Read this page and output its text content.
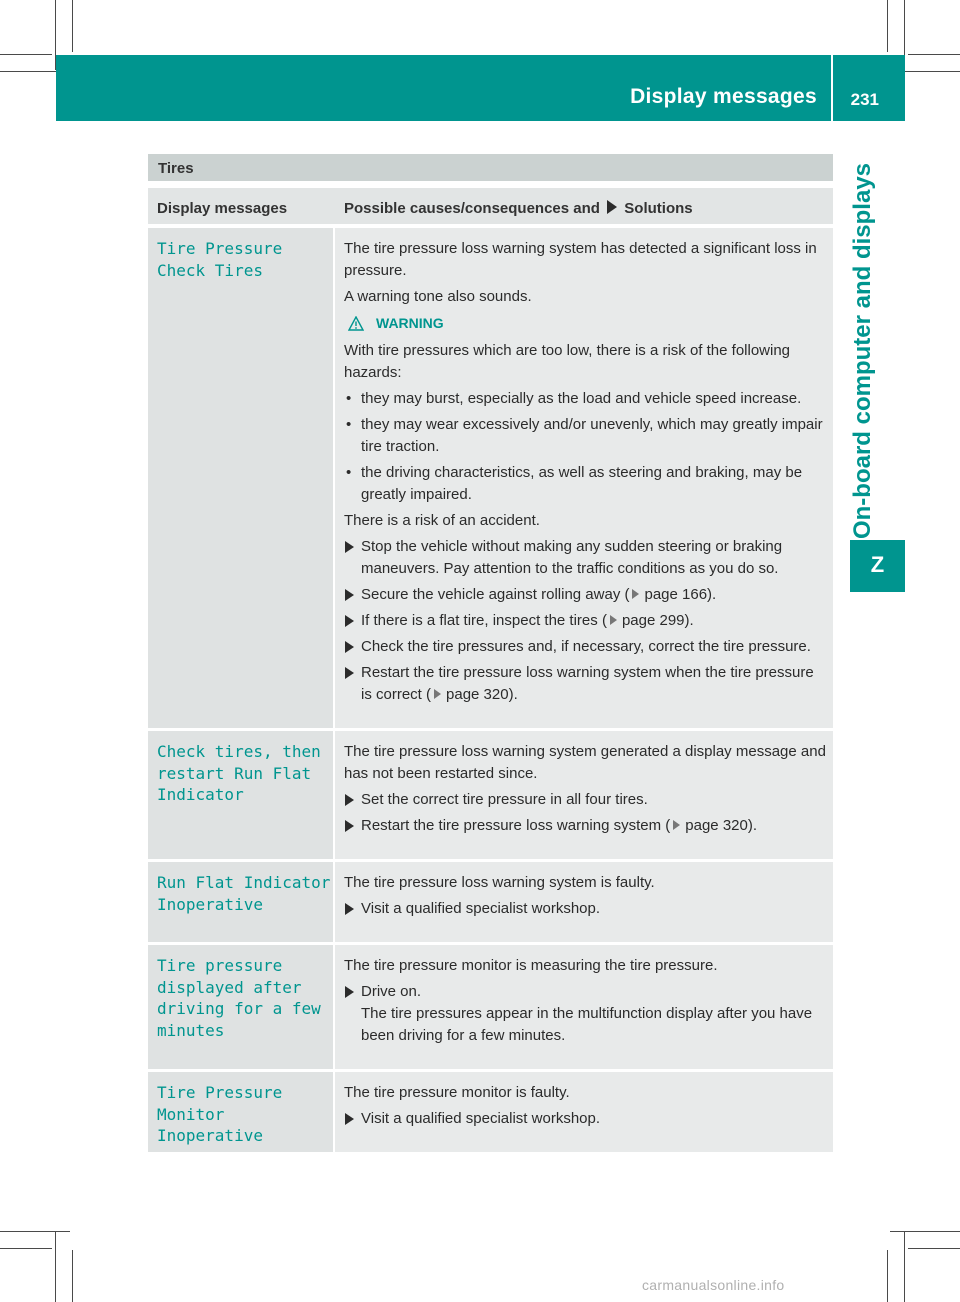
Display messages 231
On-board computer and displays
Z
Tires
Display messages	Possible causes/consequences and Solutions
Tire Pressure
Check Tires

The tire pressure loss warning system has detected a significant loss in pressure.

A warning tone also sounds.

WARNING

With tire pressures which are too low, there is a risk of the following hazards:

• they may burst, especially as the load and vehicle speed increase.
• they may wear excessively and/or unevenly, which may greatly impair tire traction.
• the driving characteristics, as well as steering and braking, may be greatly impaired.

There is a risk of an accident.

Stop the vehicle without making any sudden steering or braking maneuvers. Pay attention to the traffic conditions as you do so.
Secure the vehicle against rolling away ( page 166).
If there is a flat tire, inspect the tires ( page 299).
Check the tire pressures and, if necessary, correct the tire pressure.
Restart the tire pressure loss warning system when the tire pressure is correct ( page 320).
Check tires, then
restart Run Flat
Indicator

The tire pressure loss warning system generated a display message and has not been restarted since.

Set the correct tire pressure in all four tires.
Restart the tire pressure loss warning system ( page 320).
Run Flat Indicator
Inoperative

The tire pressure loss warning system is faulty.

Visit a qualified specialist workshop.
Tire pressure
displayed after
driving for a few
minutes

The tire pressure monitor is measuring the tire pressure.

Drive on.
The tire pressures appear in the multifunction display after you have been driving for a few minutes.
Tire Pressure
Monitor
Inoperative

The tire pressure monitor is faulty.

Visit a qualified specialist workshop.
carmanualsonline.info
